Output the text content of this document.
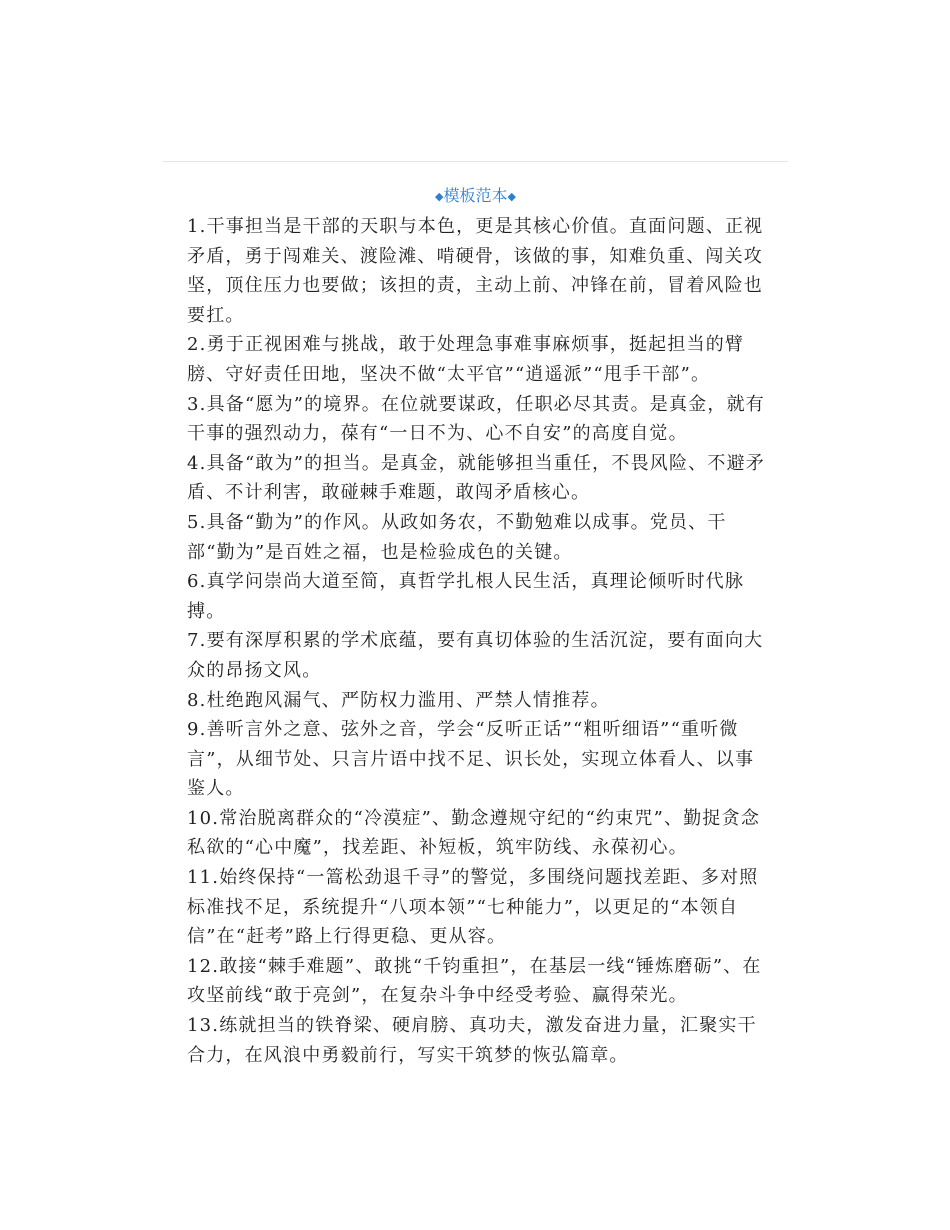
◆模板范本◆

1.干事担当是干部的天职与本色，更是其核心价值。直面问题、正视矛盾，勇于闯难关、渡险滩、啃硬骨，该做的事，知难负重、闯关攻坚，顶住压力也要做；该担的责，主动上前、冲锋在前，冒着风险也要扛。

2.勇于正视困难与挑战，敢于处理急事难事麻烦事，挺起担当的臂膀、守好责任田地，坚决不做“太平官”“逍遥派”“甩手干部”。

3.具备“愿为”的境界。在位就要谋政，任职必尽其责。是真金，就有干事的强烈动力，葆有“一日不为、心不自安”的高度自觉。

4.具备“敢为”的担当。是真金，就能够担当重任，不畏风险、不避矛盾、不计利害，敢碰棘手难题，敢闯矛盾核心。

5.具备“勤为”的作风。从政如务农，不勤勉难以成事。党员、干部“勤为”是百姓之福，也是检验成色的关键。

6.真学问崇尚大道至简，真哲学扎根人民生活，真理论倾听时代脉搏。

7.要有深厚积累的学术底蕴，要有真切体验的生活沉淀，要有面向大众的昂扬文风。

8.杜绝跑风漏气、严防权力滥用、严禁人情推荐。

9.善听言外之意、弦外之音，学会“反听正话”“粗听细语”“重听微言”，从细节处、只言片语中找不足、识长处，实现立体看人、以事鉴人。

10.常治脱离群众的“冷漠症”、勤念遵规守纪的“约束咒”、勤捉贪念私欲的“心中魔”，找差距、补短板，筑牢防线、永葆初心。

11.始终保持“一篙松劲退千寻”的警觉，多围绕问题找差距、多对照标准找不足，系统提升“八项本领”“七种能力”，以更足的“本领自信”在“赶考”路上行得更稳、更从容。

12.敢接“棘手难题”、敢挑“千钧重担”，在基层一线“锤炼磨砺”、在攻坚前线“敢于亮剑”，在复杂斗争中经受考验、赢得荣光。

13.练就担当的铁脊梁、硬肩膀、真功夫，激发奋进力量，汇聚实干合力，在风浪中勇毅前行，写实干筑梦的恢弘篇章。
